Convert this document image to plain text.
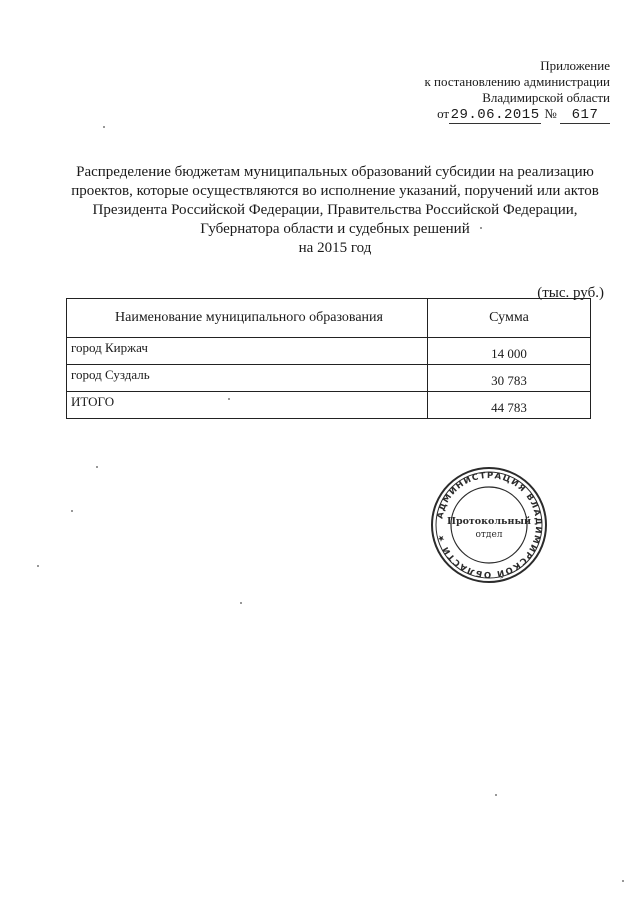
Приложение
к постановлению администрации
Владимирской области
от29.06.2015 № 617
Распределение бюджетам муниципальных образований субсидии на реализацию
проектов, которые осуществляются во исполнение указаний, поручений или актов
Президента Российской Федерации, Правительства Российской Федерации,
Губернатора области и судебных решений
на 2015 год
(тыс. руб.)
Наименование муниципального образования	Сумма
город Киржач	14 000
город Суздаль	30 783
ИТОГО	44 783
АДМИНИСТРАЦИЯ ВЛАДИМИРСКОЙ ОБЛАСТИ ★
Протокольный
отдел
